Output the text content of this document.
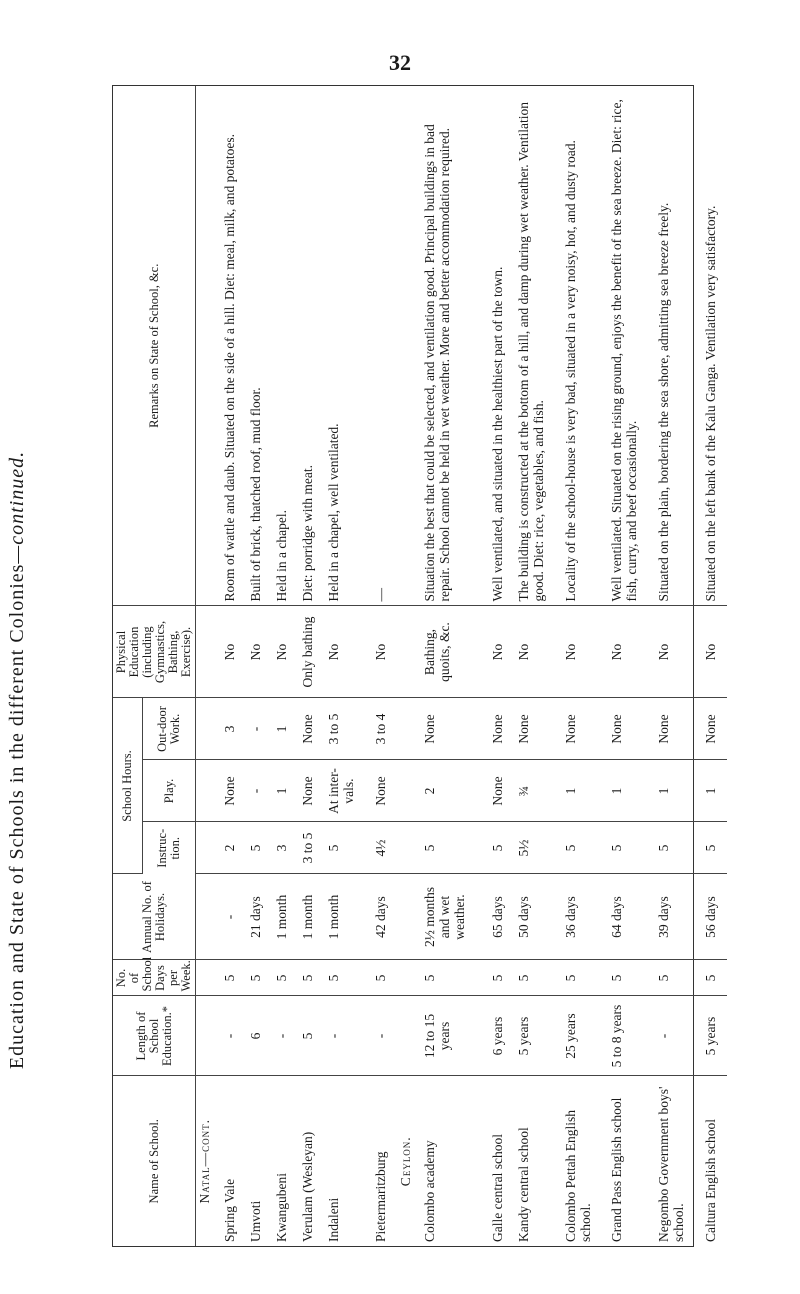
32
Education and State of Schools in the different Colonies—continued.
Name of School.	Length of School Education.*	No. of School Days per Week.	Annual No. of Holidays.	School Hours.			Physical Education (including Gymnastics, Bathing, Exercise).	Remarks on State of School, &c.
				Instruc-tion.	Play.	Out-door Work.		
Natal—cont.								
Spring Vale	-	5	-	2	None	3	No	Room of wattle and daub. Situated on the side of a hill. Diet: meal, milk, and potatoes.
Umvoti	6	5	21 days	5	-	-	No	Built of brick, thatched roof, mud floor.
Kwangubeni	-	5	1 month	3	1	1	No	Held in a chapel.
Verulam (Wesleyan)	5	5	1 month	3 to 5	None	None	Only bathing	Diet: porridge with meat.
Indaleni	-	5	1 month	5	At inter-vals.	3 to 5	No	Held in a chapel, well ventilated.
Pietermaritzburg	-	5	42 days	4½	None	3 to 4	No	—
Ceylon.								
Colombo academy	12 to 15 years	5	2½ months and wet weather.	5	2	None	Bathing, quoits, &c.	Situation the best that could be selected, and ventilation good. Principal buildings in bad repair. School cannot be held in wet weather. More and better accommodation required.
Galle central school	6 years	5	65 days	5	None	None	No	Well ventilated, and situated in the healthiest part of the town.
Kandy central school	5 years	5	50 days	5½	¾	None	No	The building is constructed at the bottom of a hill, and damp during wet weather. Ventilation good. Diet: rice, vegetables, and fish.
Colombo Pettah English school.	25 years	5	36 days	5	1	None	No	Locality of the school-house is very bad, situated in a very noisy, hot, and dusty road.
Grand Pass English school	5 to 8 years	5	64 days	5	1	None	No	Well ventilated. Situated on the rising ground, enjoys the benefit of the sea breeze. Diet: rice, fish, curry, and beef occasionally.
Negombo Government boys' school.	-	5	39 days	5	1	None	No	Situated on the plain, bordering the sea shore, admitting sea breeze freely.
Caltura English school	5 years	5	56 days	5	1	None	No	Situated on the left bank of the Kalu Ganga. Ventilation very satisfactory.
